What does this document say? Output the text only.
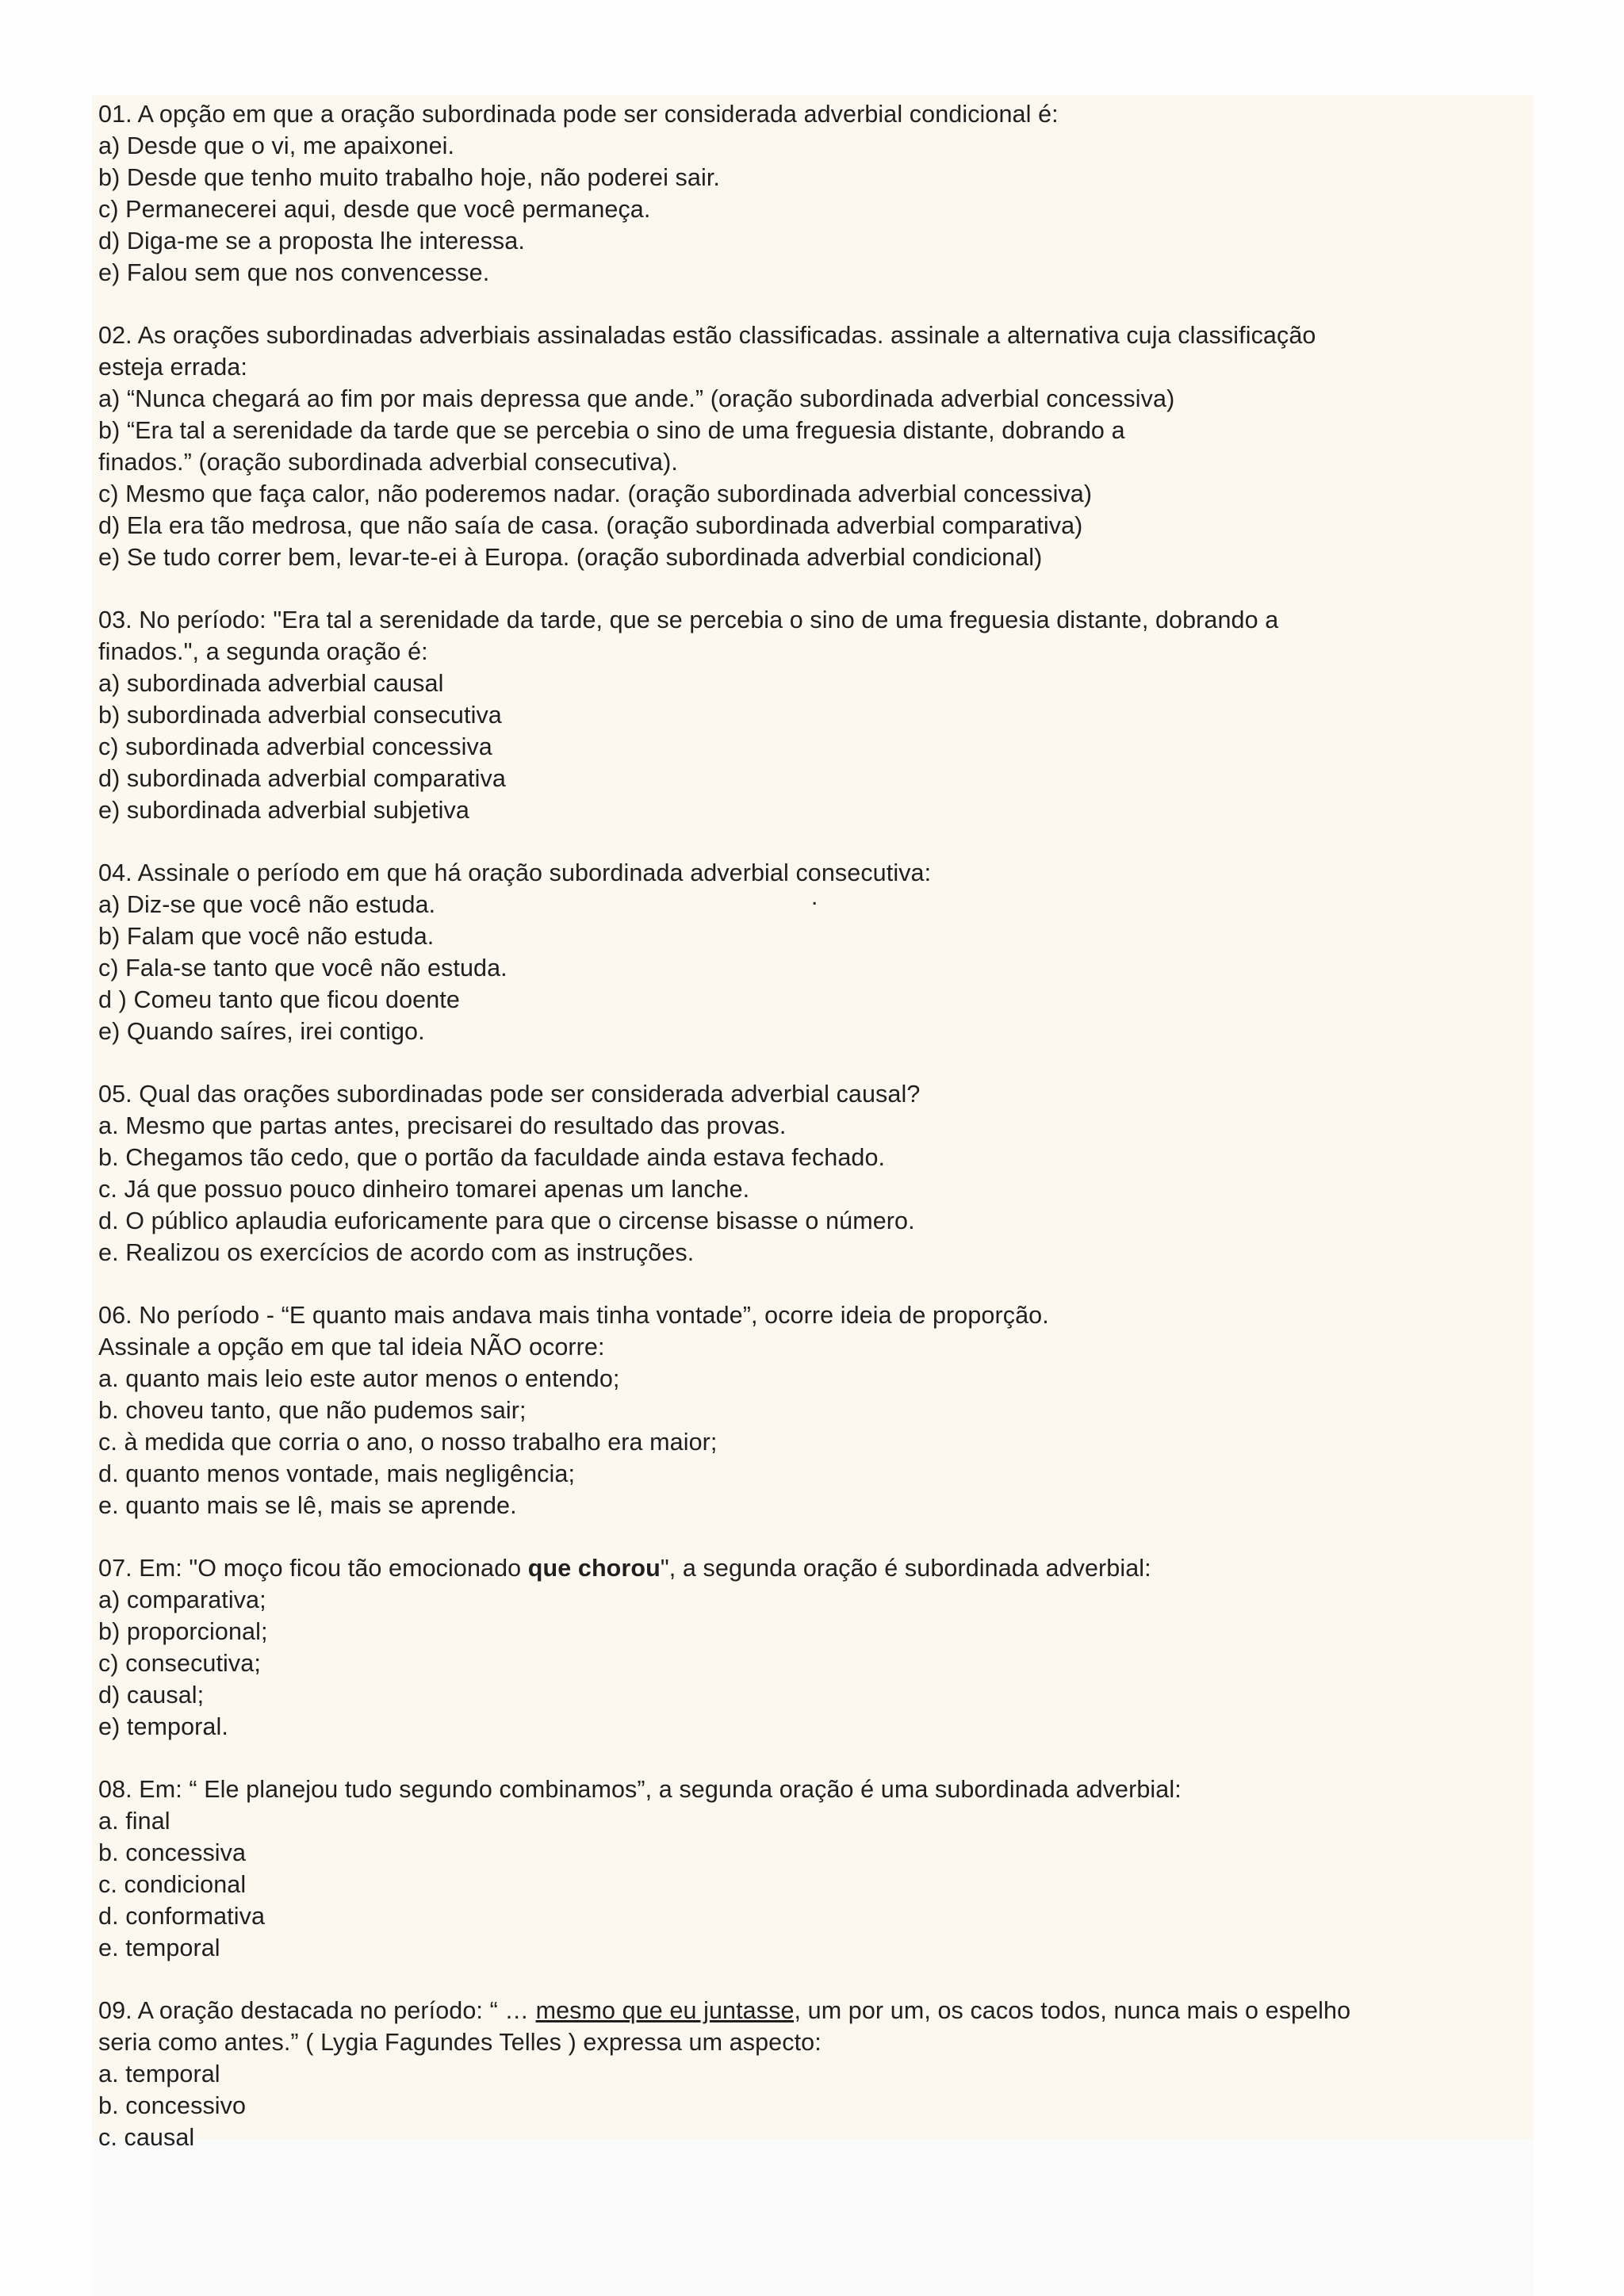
01. A opção em que a oração subordinada pode ser considerada adverbial condicional é:
a) Desde que o vi, me apaixonei.
b) Desde que tenho muito trabalho hoje, não poderei sair.
c) Permanecerei aqui, desde que você permaneça.
d) Diga-me se a proposta lhe interessa.
e) Falou sem que nos convencesse.
02. As orações subordinadas adverbiais assinaladas estão classificadas. assinale a alternativa cuja classificação
esteja errada:
a) “Nunca chegará ao fim por mais depressa que ande.” (oração subordinada adverbial concessiva)
b) “Era tal a serenidade da tarde que se percebia o sino de uma freguesia distante, dobrando a
finados.” (oração subordinada adverbial consecutiva).
c) Mesmo que faça calor, não poderemos nadar. (oração subordinada adverbial concessiva)
d) Ela era tão medrosa, que não saía de casa. (oração subordinada adverbial comparativa)
e) Se tudo correr bem, levar-te-ei à Europa. (oração subordinada adverbial condicional)
03. No período: "Era tal a serenidade da tarde, que se percebia o sino de uma freguesia distante, dobrando a
finados.", a segunda oração é:
a) subordinada adverbial causal
b) subordinada adverbial consecutiva
c) subordinada adverbial concessiva
d) subordinada adverbial comparativa
e) subordinada adverbial subjetiva
04. Assinale o período em que há oração subordinada adverbial consecutiva:
a) Diz-se que você não estuda.
b) Falam que você não estuda.
c) Fala-se tanto que você não estuda.
d ) Comeu tanto que ficou doente
e) Quando saíres, irei contigo.
05. Qual das orações subordinadas pode ser considerada adverbial causal?
a. Mesmo que partas antes, precisarei do resultado das provas.
b. Chegamos tão cedo, que o portão da faculdade ainda estava fechado.
c. Já que possuo pouco dinheiro tomarei apenas um lanche.
d. O público aplaudia euforicamente para que o circense bisasse o número.
e. Realizou os exercícios de acordo com as instruções.
06. No período - “E quanto mais andava mais tinha vontade”, ocorre ideia de proporção.
Assinale a opção em que tal ideia NÃO ocorre:
a. quanto mais leio este autor menos o entendo;
b. choveu tanto, que não pudemos sair;
c. à medida que corria o ano, o nosso trabalho era maior;
d. quanto menos vontade, mais negligência;
e. quanto mais se lê, mais se aprende.
07. Em: "O moço ficou tão emocionado que chorou", a segunda oração é subordinada adverbial:
a) comparativa;
b) proporcional;
c) consecutiva;
d) causal;
e) temporal.
08. Em: “ Ele planejou tudo segundo combinamos”, a segunda oração é uma subordinada adverbial:
a. final
b. concessiva
c. condicional
d. conformativa
e. temporal
09. A oração destacada no período: “ … mesmo que eu juntasse, um por um, os cacos todos, nunca mais o espelho
seria como antes.” ( Lygia Fagundes Telles ) expressa um aspecto:
a. temporal
b. concessivo
c. causal
.
